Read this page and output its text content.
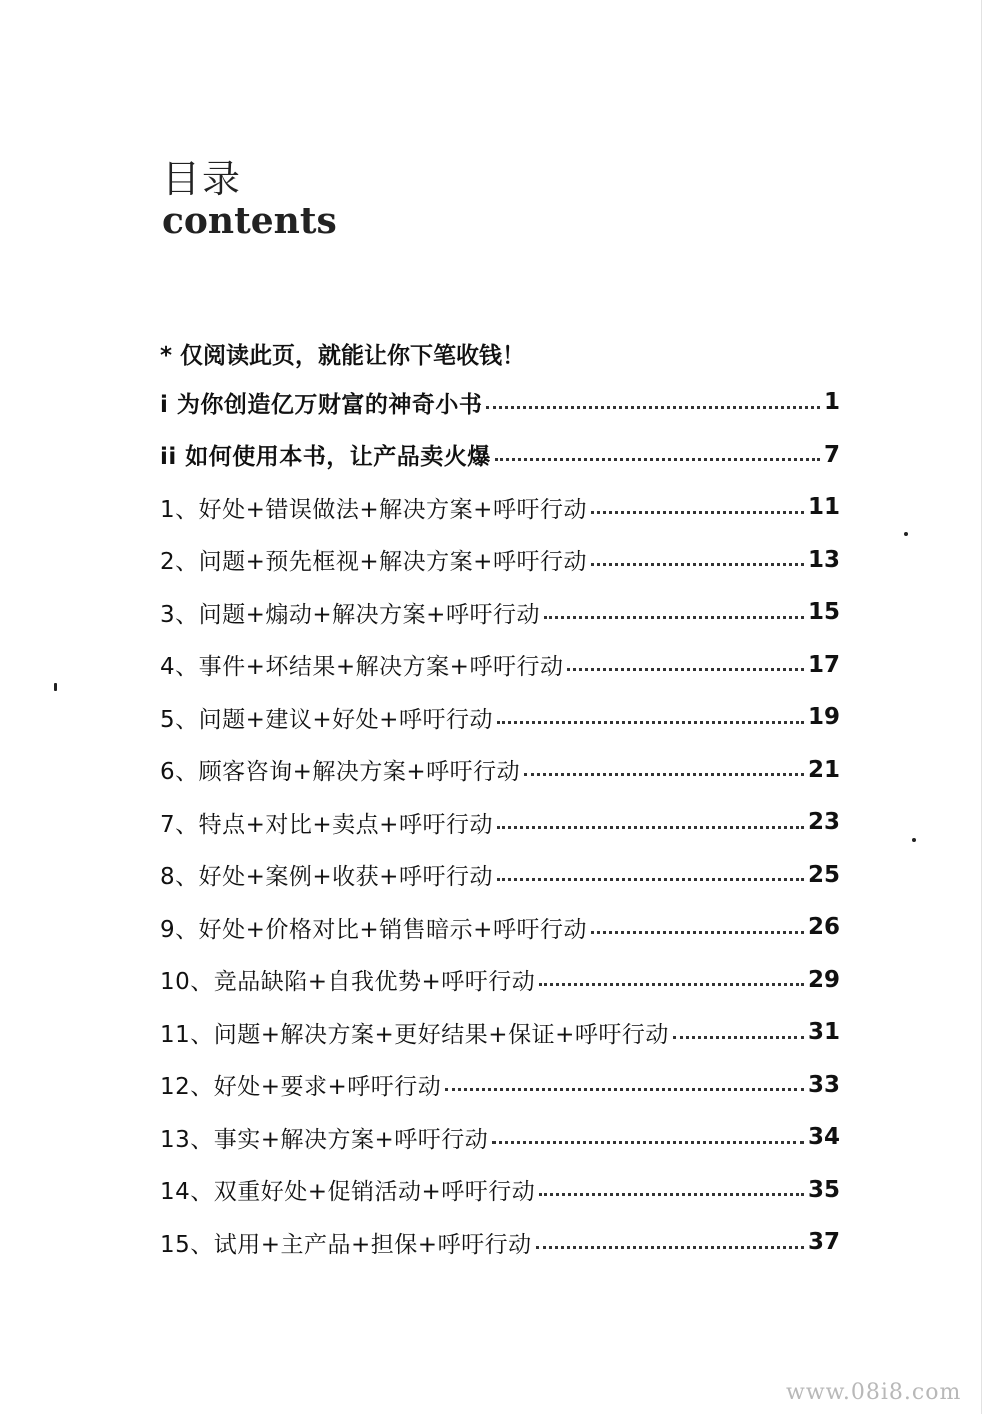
目录
contents
* 仅阅读此页，就能让你下笔收钱！
i 为你创造亿万财富的神奇小书	1
ii 如何使用本书，让产品卖火爆	7
1、好处+错误做法+解决方案+呼吁行动	11
2、问题+预先框视+解决方案+呼吁行动	13
3、问题+煽动+解决方案+呼吁行动	15
4、事件+坏结果+解决方案+呼吁行动	17
5、问题+建议+好处+呼吁行动	19
6、顾客咨询+解决方案+呼吁行动	21
7、特点+对比+卖点+呼吁行动	23
8、好处+案例+收获+呼吁行动	25
9、好处+价格对比+销售暗示+呼吁行动	26
10、竞品缺陷+自我优势+呼吁行动	29
11、问题+解决方案+更好结果+保证+呼吁行动	31
12、好处+要求+呼吁行动	33
13、事实+解决方案+呼吁行动	34
14、双重好处+促销活动+呼吁行动	35
15、试用+主产品+担保+呼吁行动	37
www.08i8.com
